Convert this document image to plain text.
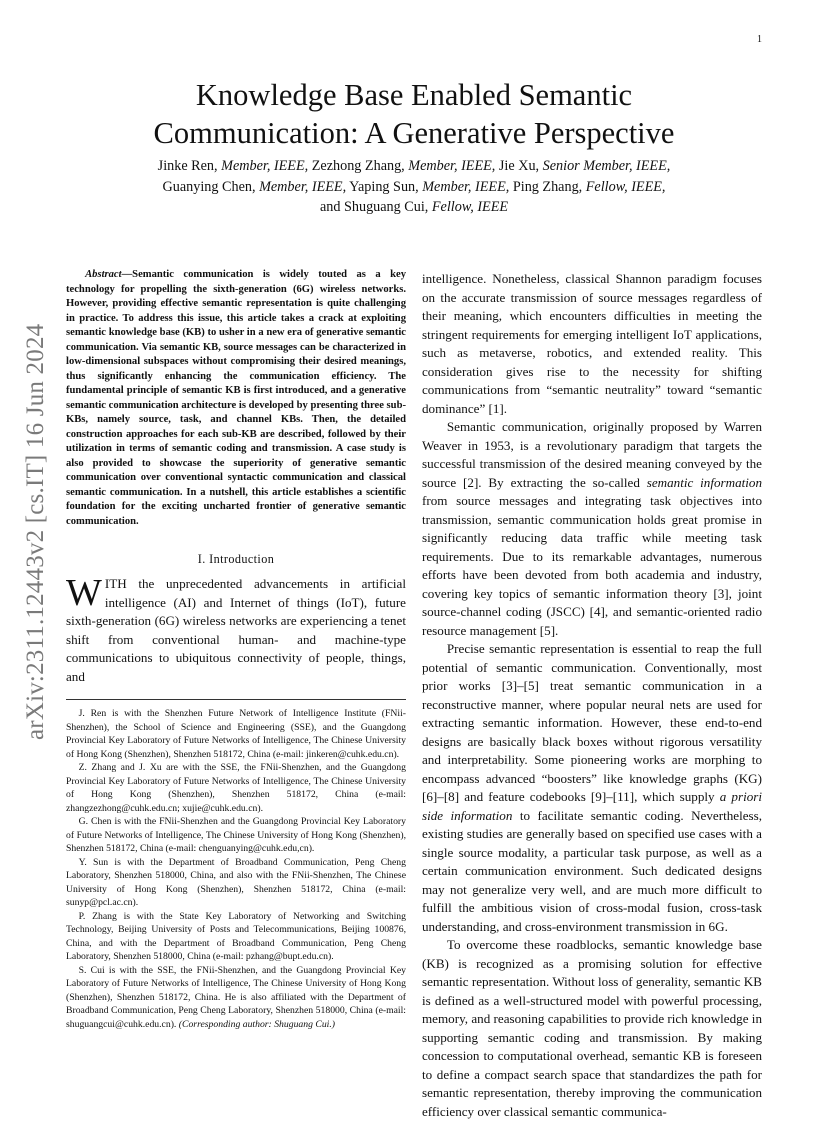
1
arXiv:2311.12443v2 [cs.IT] 16 Jun 2024
Knowledge Base Enabled Semantic
Communication: A Generative Perspective
Jinke Ren, Member, IEEE, Zezhong Zhang, Member, IEEE, Jie Xu, Senior Member, IEEE,
Guanying Chen, Member, IEEE, Yaping Sun, Member, IEEE, Ping Zhang, Fellow, IEEE,
and Shuguang Cui, Fellow, IEEE

Abstract—Semantic communication is widely touted as a key technology for propelling the sixth-generation (6G) wireless networks. However, providing effective semantic representation is quite challenging in practice. To address this issue, this article takes a crack at exploiting semantic knowledge base (KB) to usher in a new era of generative semantic communication. Via semantic KB, source messages can be characterized in low-dimensional subspaces without compromising their desired meanings, thus significantly enhancing the communication efficiency. The fundamental principle of semantic KB is first introduced, and a generative semantic communication architecture is developed by presenting three sub-KBs, namely source, task, and channel KBs. Then, the detailed construction approaches for each sub-KB are described, followed by their utilization in terms of semantic coding and transmission. A case study is also provided to showcase the superiority of generative semantic communication over conventional syntactic communication and classical semantic communication. In a nutshell, this article establishes a scientific foundation for the exciting uncharted frontier of generative semantic communication.

I. Introduction

WITH the unprecedented advancements in artificial intelligence (AI) and Internet of things (IoT), future sixth-generation (6G) wireless networks are experiencing a tenet shift from conventional human- and machine-type communications to ubiquitous connectivity of people, things, and

J. Ren is with the Shenzhen Future Network of Intelligence Institute (FNii-Shenzhen), the School of Science and Engineering (SSE), and the Guangdong Provincial Key Laboratory of Future Networks of Intelligence, The Chinese University of Hong Kong (Shenzhen), Shenzhen 518172, China (e-mail: jinkeren@cuhk.edu.cn).

Z. Zhang and J. Xu are with the SSE, the FNii-Shenzhen, and the Guangdong Provincial Key Laboratory of Future Networks of Intelligence, The Chinese University of Hong Kong (Shenzhen), Shenzhen 518172, China (e-mail: zhangzezhong@cuhk.edu.cn; xujie@cuhk.edu.cn).

G. Chen is with the FNii-Shenzhen and the Guangdong Provincial Key Laboratory of Future Networks of Intelligence, The Chinese University of Hong Kong (Shenzhen), Shenzhen 518172, China (e-mail: chenguanying@cuhk.edu,cn).

Y. Sun is with the Department of Broadband Communication, Peng Cheng Laboratory, Shenzhen 518000, China, and also with the FNii-Shenzhen, The Chinese University of Hong Kong (Shenzhen), Shenzhen 518172, China (e-mail: sunyp@pcl.ac.cn).

P. Zhang is with the State Key Laboratory of Networking and Switching Technology, Beijing University of Posts and Telecommunications, Beijing 100876, China, and with the Department of Broadband Communication, Peng Cheng Laboratory, Shenzhen 518000, China (e-mail: pzhang@bupt.edu.cn).

S. Cui is with the SSE, the FNii-Shenzhen, and the Guangdong Provincial Key Laboratory of Future Networks of Intelligence, The Chinese University of Hong Kong (Shenzhen), Shenzhen 518172, China. He is also affiliated with the Department of Broadband Communication, Peng Cheng Laboratory, Shenzhen 518000, China (e-mail: shuguangcui@cuhk.edu.cn). (Corresponding author: Shuguang Cui.)

intelligence. Nonetheless, classical Shannon paradigm focuses on the accurate transmission of source messages regardless of their meaning, which encounters difficulties in meeting the stringent requirements for emerging intelligent IoT applications, such as metaverse, robotics, and extended reality. This consideration gives rise to the necessity for shifting communications from “semantic neutrality” toward “semantic dominance” [1].

Semantic communication, originally proposed by Warren Weaver in 1953, is a revolutionary paradigm that targets the successful transmission of the desired meaning conveyed by the source [2]. By extracting the so-called semantic information from source messages and integrating task objectives into transmission, semantic communication holds great promise in significantly reducing data traffic while meeting task requirements. Due to its remarkable advantages, numerous efforts have been devoted from both academia and industry, covering key topics of semantic information theory [3], joint source-channel coding (JSCC) [4], and semantic-oriented radio resource management [5].

Precise semantic representation is essential to reap the full potential of semantic communication. Conventionally, most prior works [3]–[5] treat semantic communication in a reconstructive manner, where popular neural nets are used for extracting semantic information. However, these end-to-end designs are basically black boxes without rigorous versatility and interpretability. Some pioneering works are morphing to encompass advanced “boosters” like knowledge graphs (KG) [6]–[8] and feature codebooks [9]–[11], which supply a priori side information to facilitate semantic coding. Nevertheless, existing studies are generally based on specified use cases with a single source modality, a particular task purpose, as well as a certain communication environment. Such dedicated designs may not generalize very well, and are much more difficult to fulfill the ambitious vision of cross-modal fusion, cross-task understanding, and cross-environment transmission in 6G.

To overcome these roadblocks, semantic knowledge base (KB) is recognized as a promising solution for effective semantic representation. Without loss of generality, semantic KB is defined as a well-structured model with powerful processing, memory, and reasoning capabilities to provide rich knowledge in supporting semantic coding and transmission. By making concession to computational overhead, semantic KB is foreseen to define a compact search space that standardizes the path for semantic representation, thereby improving the communication efficiency over classical semantic communica-
